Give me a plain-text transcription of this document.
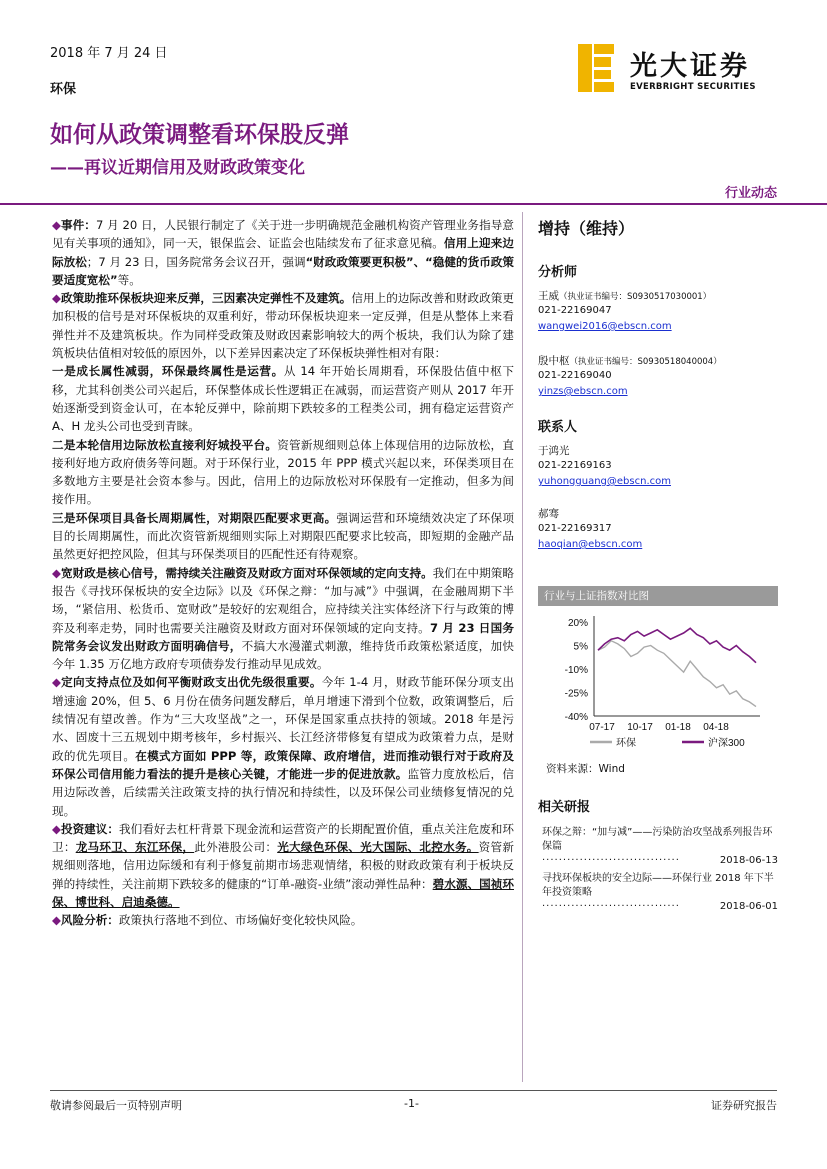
2018 年 7 月 24 日
环保
光大证券
EVERBRIGHT SECURITIES
如何从政策调整看环保股反弹
——再议近期信用及财政政策变化
行业动态

◆事件：7 月 20 日，人民银行制定了《关于进一步明确规范金融机构资产管理业务指导意见有关事项的通知》，同一天，银保监会、证监会也陆续发布了征求意见稿。信用上迎来边际放松；7 月 23 日，国务院常务会议召开，强调“财政政策要更积极”、“稳健的货币政策要适度宽松”等。

◆政策助推环保板块迎来反弹，三因素决定弹性不及建筑。信用上的边际改善和财政政策更加积极的信号是对环保板块的双重利好，带动环保板块迎来一定反弹，但是从整体上来看弹性并不及建筑板块。作为同样受政策及财政因素影响较大的两个板块，我们认为除了建筑板块估值相对较低的原因外，以下差异因素决定了环保板块弹性相对有限：

一是成长属性减弱，环保最终属性是运营。从 14 年开始长周期看，环保股估值中枢下移，尤其科创类公司兴起后，环保整体成长性逻辑正在减弱，而运营资产则从 2017 年开始逐渐受到资金认可，在本轮反弹中，除前期下跌较多的工程类公司，拥有稳定运营资产 A、H 龙头公司也受到青睐。

二是本轮信用边际放松直接利好城投平台。资管新规细则总体上体现信用的边际放松，直接利好地方政府债务等问题。对于环保行业，2015 年 PPP 模式兴起以来，环保类项目在多数地方主要是社会资本参与。因此，信用上的边际放松对环保股有一定推动，但多为间接作用。

三是环保项目具备长周期属性，对期限匹配要求更高。强调运营和环境绩效决定了环保项目的长周期属性，而此次资管新规细则实际上对期限匹配要求比较高，即短期的金融产品虽然更好把控风险，但其与环保类项目的匹配性还有待观察。

◆宽财政是核心信号，需持续关注融资及财政方面对环保领域的定向支持。我们在中期策略报告《寻找环保板块的安全边际》以及《环保之辩：“加与减”》中强调，在金融周期下半场，“紧信用、松货币、宽财政”是较好的宏观组合，应持续关注实体经济下行与政策的博弈及利率走势，同时也需要关注融资及财政方面对环保领域的定向支持。7 月 23 日国务院常务会议发出财政方面明确信号，不搞大水漫灌式刺激，维持货币政策松紧适度，加快今年 1.35 万亿地方政府专项债券发行推动早见成效。

◆定向支持点位及如何平衡财政支出优先级很重要。今年 1-4 月，财政节能环保分项支出增速逾 20%，但 5、6 月份在债务问题发酵后，单月增速下滑到个位数，政策调整后，后续情况有望改善。作为“三大攻坚战”之一，环保是国家重点扶持的领域。2018 年是污水、固废十三五规划中期考核年，乡村振兴、长江经济带修复有望成为政策着力点，是财政的优先项目。在模式方面如 PPP 等，政策保障、政府增信，进而推动银行对于政府及环保公司信用能力看法的提升是核心关键，才能进一步的促进放款。监管力度放松后，信用边际改善，后续需关注政策支持的执行情况和持续性，以及环保公司业绩修复情况的兑现。

◆投资建议：我们看好去杠杆背景下现金流和运营资产的长期配置价值，重点关注危废和环卫：龙马环卫、东江环保，此外港股公司：光大绿色环保、光大国际、北控水务。资管新规细则落地，信用边际缓和有利于修复前期市场悲观情绪，积极的财政政策有利于板块反弹的持续性，关注前期下跌较多的健康的“订单-融资-业绩”滚动弹性品种：碧水源、国祯环保、博世科、启迪桑德。

◆风险分析：政策执行落地不到位、市场偏好变化较快风险。

增持（维持）
分析师
王威（执业证书编号：S0930517030001）
021-22169047
wangwei2016@ebscn.com
殷中枢（执业证书编号：S0930518040004）
021-22169040
yinzs@ebscn.com
联系人
于鸿光
021-22169163
yuhongguang@ebscn.com
郝骞
021-22169317
haoqian@ebscn.com
行业与上证指数对比图
20%
5%
-10%
-25%
-40%
07-17 10-17 01-18 04-18
环保	沪深300
资料来源：Wind
相关研报
环保之辩：“加与减”——污染防治攻坚战系列报告环保篇
·································	2018-06-13
寻找环保板块的安全边际——环保行业 2018 年下半年投资策略
·································	2018-06-01
敬请参阅最后一页特别声明	-1-	证券研究报告
